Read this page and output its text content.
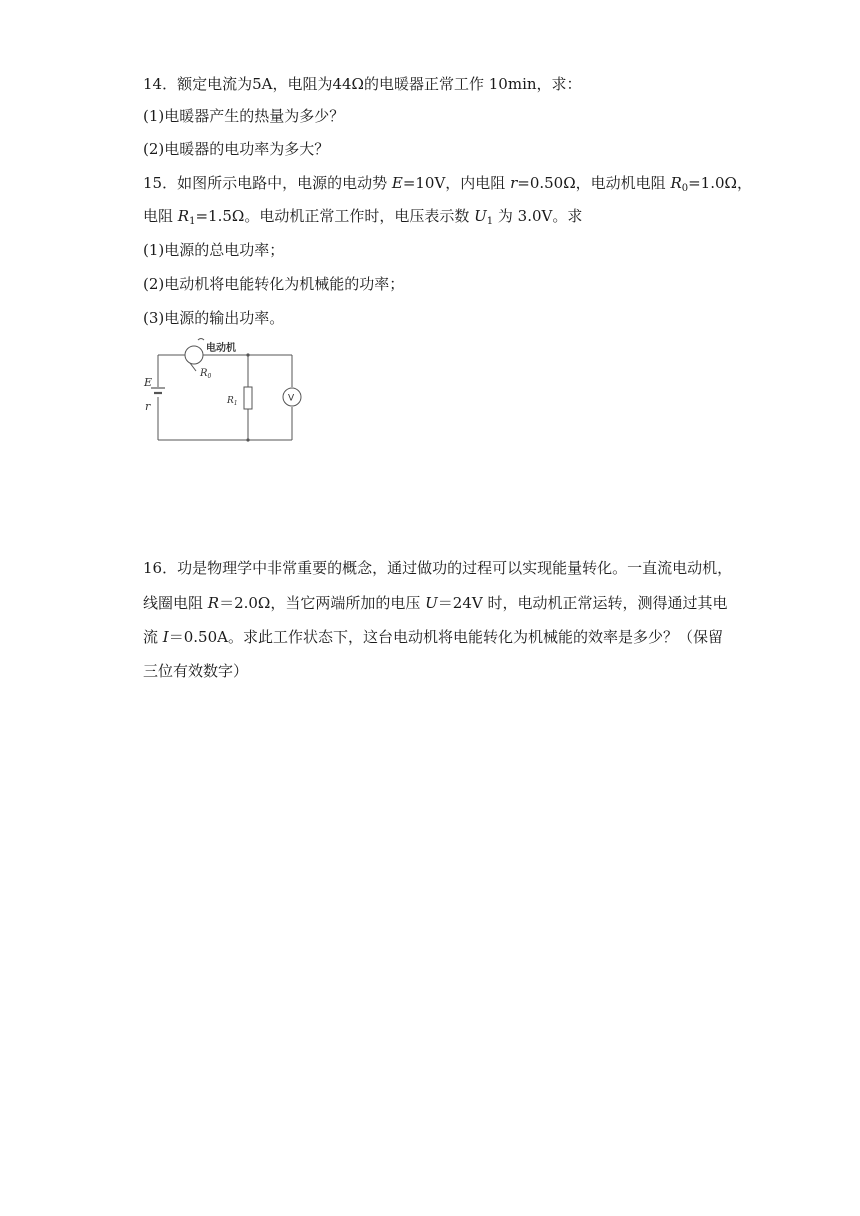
14．额定电流为5A，电阻为44Ω的电暖器正常工作 10min，求：
(1)电暖器产生的热量为多少？
(2)电暖器的电功率为多大？
15．如图所示电路中，电源的电动势 E=10V，内电阻 r=0.50Ω，电动机电阻 $R_0=1.0\Omega$，
电阻 $R_1=1.5\Omega$。电动机正常工作时，电压表示数 $U_1$ 为 3.0V。求
(1)电源的总电功率；
(2)电动机将电能转化为机械能的功率；
(3)电源的输出功率。
电动机
$R_0$
E
r	$R_1$	V
16．功是物理学中非常重要的概念，通过做功的过程可以实现能量转化。一直流电动机，
线圈电阻 R＝2.0Ω，当它两端所加的电压 U＝24V 时，电动机正常运转，测得通过其电
流 I＝0.50A。求此工作状态下，这台电动机将电能转化为机械能的效率是多少？（保留
三位有效数字）
